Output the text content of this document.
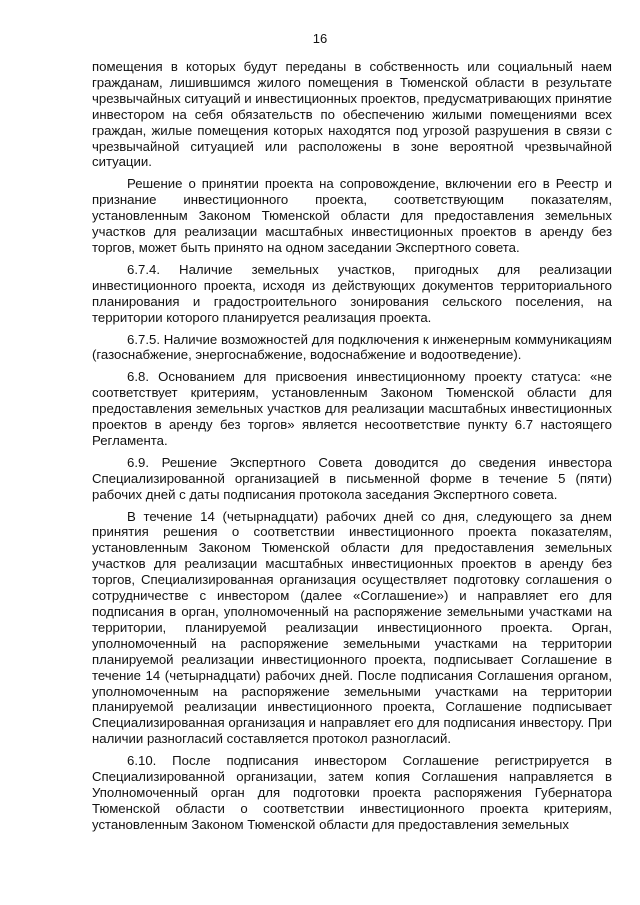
16

помещения в которых будут переданы в собственность или социальный наем гражданам, лишившимся жилого помещения в Тюменской области в результате чрезвычайных ситуаций и инвестиционных проектов, предусматривающих принятие инвестором на себя обязательств по обеспечению жилыми помещениями всех граждан, жилые помещения которых находятся под угрозой разрушения в связи с чрезвычайной ситуацией или расположены в зоне вероятной чрезвычайной ситуации.

Решение о принятии проекта на сопровождение, включении его в Реестр и признание инвестиционного проекта, соответствующим показателям, установленным Законом Тюменской области для предоставления земельных участков для реализации масштабных инвестиционных проектов в аренду без торгов, может быть принято на одном заседании Экспертного совета.

6.7.4. Наличие земельных участков, пригодных для реализации инвестиционного проекта, исходя из действующих документов территориального планирования и градостроительного зонирования сельского поселения, на территории которого планируется реализация проекта.

6.7.5. Наличие возможностей для подключения к инженерным коммуникациям (газоснабжение, энергоснабжение, водоснабжение и водоотведение).

6.8. Основанием для присвоения инвестиционному проекту статуса: «не соответствует критериям, установленным Законом Тюменской области для предоставления земельных участков для реализации масштабных инвестиционных проектов в аренду без торгов» является несоответствие пункту 6.7 настоящего Регламента.

6.9. Решение Экспертного Совета доводится до сведения инвестора Специализированной организацией в письменной форме в течение 5 (пяти) рабочих дней с даты подписания протокола заседания Экспертного совета.

В течение 14 (четырнадцати) рабочих дней со дня, следующего за днем принятия решения о соответствии инвестиционного проекта показателям, установленным Законом Тюменской области для предоставления земельных участков для реализации масштабных инвестиционных проектов в аренду без торгов, Специализированная организация осуществляет подготовку соглашения о сотрудничестве с инвестором (далее «Соглашение») и направляет его для подписания в орган, уполномоченный на распоряжение земельными участками на территории, планируемой реализации инвестиционного проекта. Орган, уполномоченный на распоряжение земельными участками на территории планируемой реализации инвестиционного проекта, подписывает Соглашение в течение 14 (четырнадцати) рабочих дней. После подписания Соглашения органом, уполномоченным на распоряжение земельными участками на территории планируемой реализации инвестиционного проекта, Соглашение подписывает Специализированная организация и направляет его для подписания инвестору. При наличии разногласий составляется протокол разногласий.

6.10. После подписания инвестором Соглашение регистрируется в Специализированной организации, затем копия Соглашения направляется в Уполномоченный орган для подготовки проекта распоряжения Губернатора Тюменской области о соответствии инвестиционного проекта критериям, установленным Законом Тюменской области для предоставления земельных
